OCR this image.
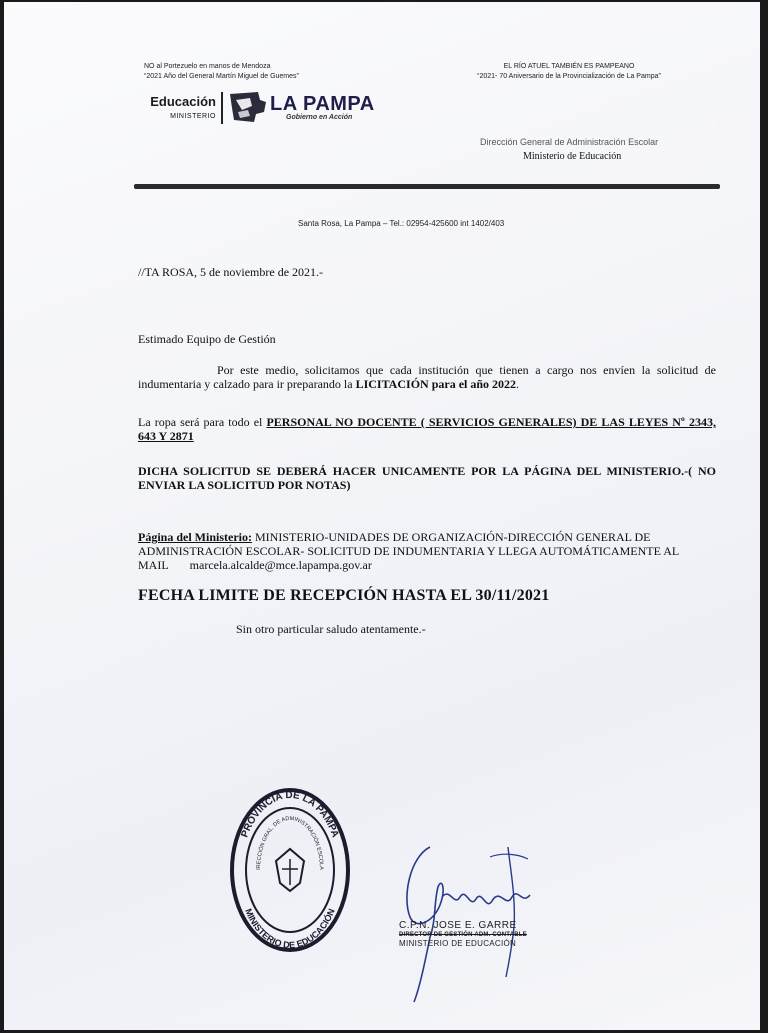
NO al Portezuelo en manos de Mendoza
“2021 Año del General Martín Miguel de Guemes”
EL RÍO ATUEL TAMBIÉN ES PAMPEANO
“2021- 70 Aniversario de la Provincialización de La Pampa”
Educación
MINISTERIO
LA PAMPA
Gobierno en Acción
Dirección General de Administración Escolar
Ministerio de Educación
Santa Rosa, La Pampa – Tel.: 02954-425600 int 1402/403
//TA ROSA, 5 de noviembre de 2021.-
Estimado Equipo de Gestión
Por este medio, solicitamos que cada institución que tienen a cargo nos envíen la solicitud de indumentaria y calzado para ir preparando la LICITACIÓN para el año 2022.
La ropa será para todo el PERSONAL NO DOCENTE ( SERVICIOS GENERALES) DE LAS LEYES Nº 2343, 643 Y 2871
DICHA SOLICITUD SE DEBERÁ HACER UNICAMENTE POR LA PÁGINA DEL MINISTERIO.-( NO ENVIAR LA SOLICITUD POR NOTAS)
Página del Ministerio: MINISTERIO-UNIDADES DE ORGANIZACIÓN-DIRECCIÓN GENERAL DE ADMINISTRACIÓN ESCOLAR- SOLICITUD DE INDUMENTARIA Y LLEGA AUTOMÁTICAMENTE AL MAIL marcela.alcalde@mce.lapampa.gov.ar
FECHA LIMITE DE RECEPCIÓN HASTA EL 30/11/2021
Sin otro particular saludo atentamente.-
PROVINCIA DE LA PAMPA
IRECCIÓN GRAL. DE ADMINISTRACIÓN ESCOLA
MINISTERIO DE EDUCACIÓN
C.P.N. JOSE E. GARRE
DIRECTOR DE GESTIÓN ADM. CONTABLE
MINISTERIO DE EDUCACIÓN
